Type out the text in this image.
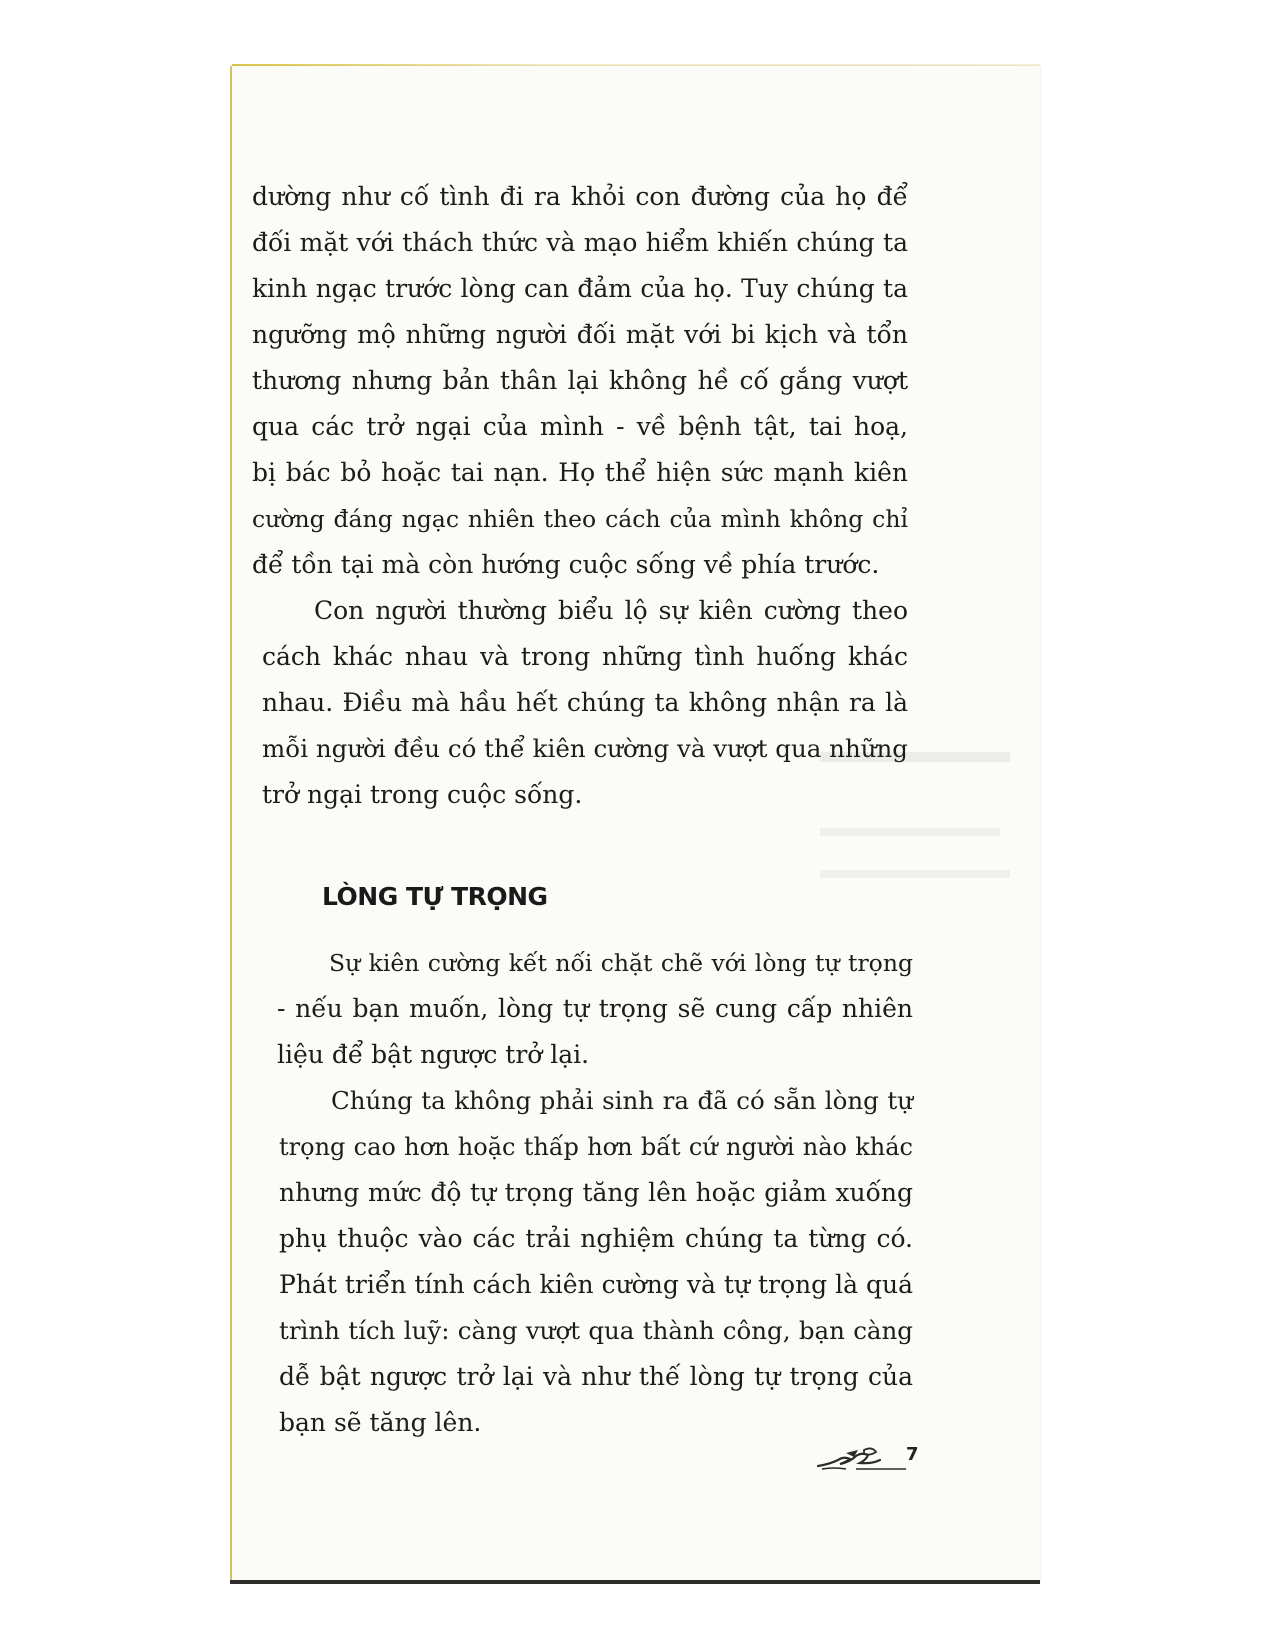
dường như cố tình đi ra khỏi con đường của họ để
đối mặt với thách thức và mạo hiểm khiến chúng ta
kinh ngạc trước lòng can đảm của họ. Tuy chúng ta
ngưỡng mộ những người đối mặt với bi kịch và tổn
thương nhưng bản thân lại không hề cố gắng vượt
qua các trở ngại của mình - về bệnh tật, tai hoạ,
bị bác bỏ hoặc tai nạn. Họ thể hiện sức mạnh kiên
cường đáng ngạc nhiên theo cách của mình không chỉ
để tồn tại mà còn hướng cuộc sống về phía trước.

Con người thường biểu lộ sự kiên cường theo
cách khác nhau và trong những tình huống khác
nhau. Điều mà hầu hết chúng ta không nhận ra là
mỗi người đều có thể kiên cường và vượt qua những
trở ngại trong cuộc sống.

LÒNG TỰ TRỌNG

Sự kiên cường kết nối chặt chẽ với lòng tự trọng
- nếu bạn muốn, lòng tự trọng sẽ cung cấp nhiên
liệu để bật ngược trở lại.

Chúng ta không phải sinh ra đã có sẵn lòng tự
trọng cao hơn hoặc thấp hơn bất cứ người nào khác
nhưng mức độ tự trọng tăng lên hoặc giảm xuống
phụ thuộc vào các trải nghiệm chúng ta từng có.
Phát triển tính cách kiên cường và tự trọng là quá
trình tích luỹ: càng vượt qua thành công, bạn càng
dễ bật ngược trở lại và như thế lòng tự trọng của
bạn sẽ tăng lên.

7
